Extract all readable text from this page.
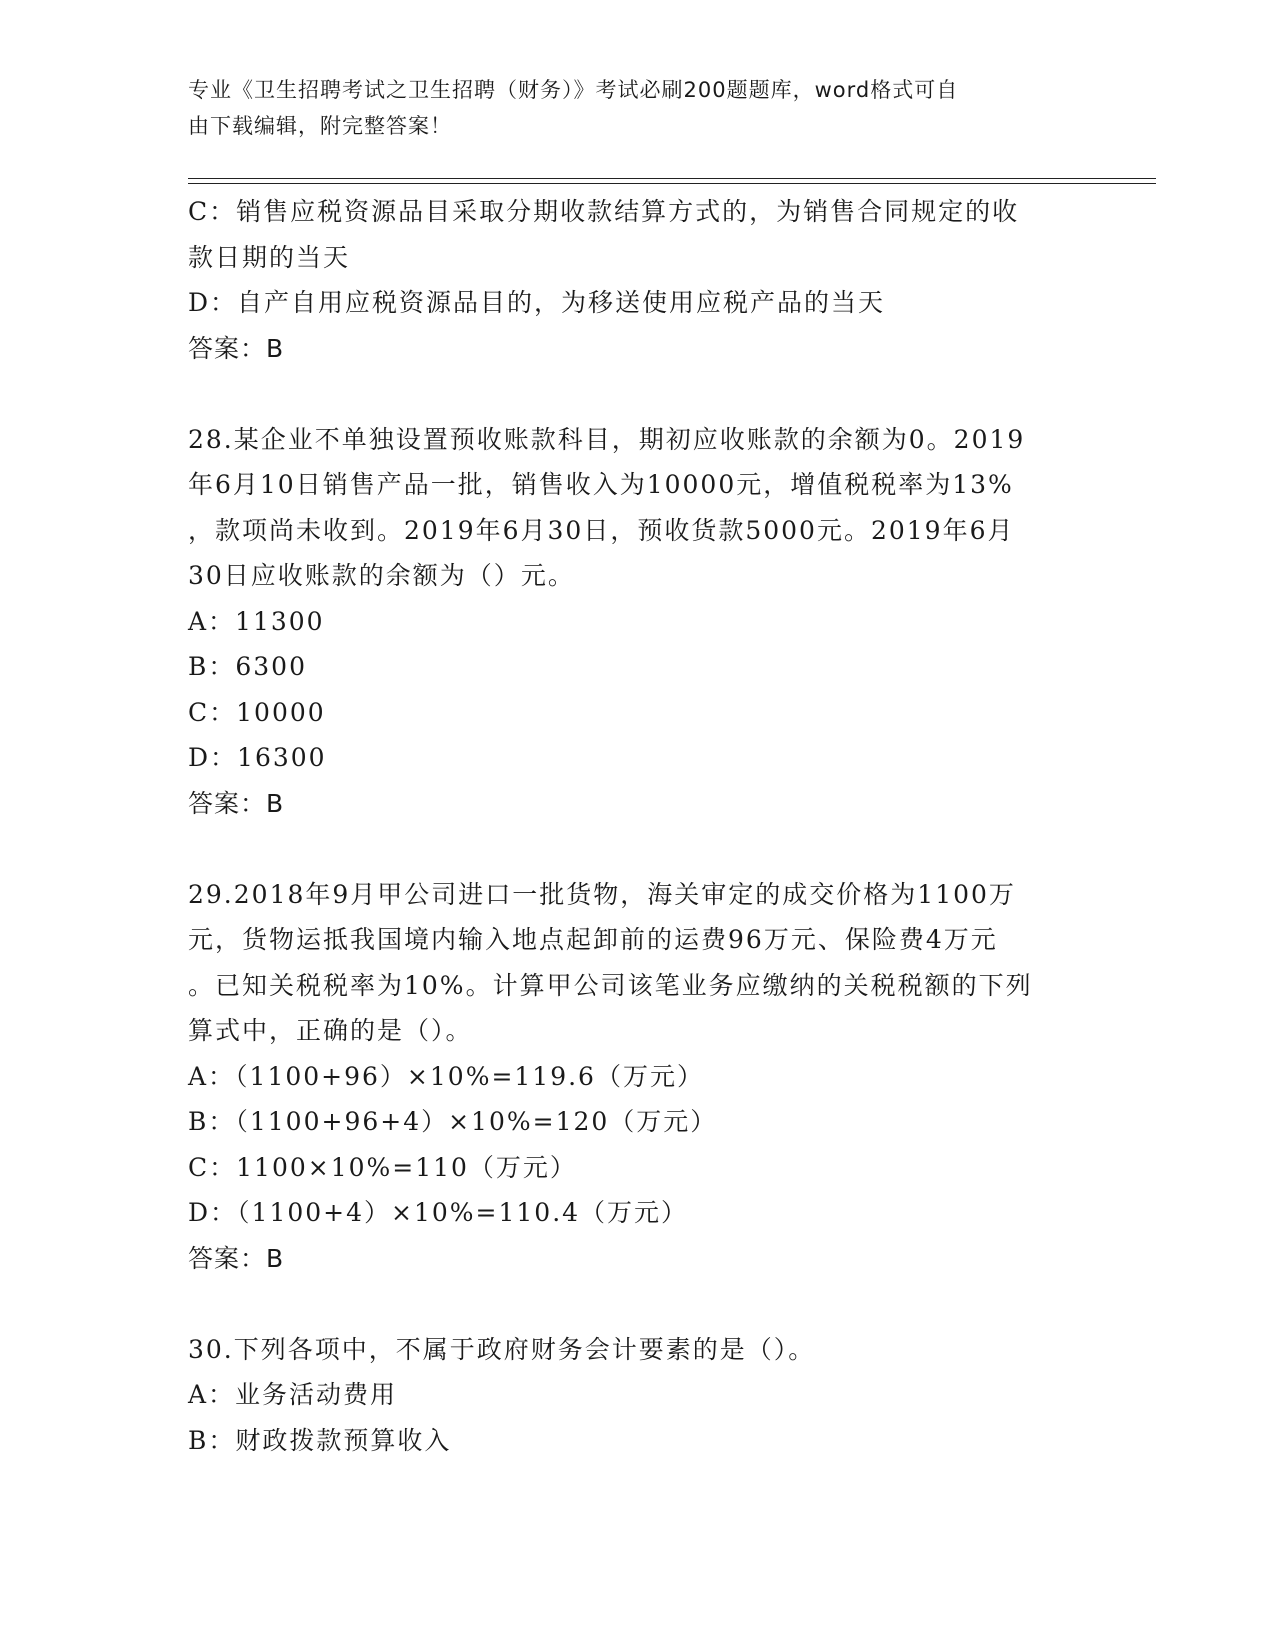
专业《卫生招聘考试之卫生招聘（财务）》考试必刷200题题库，word格式可自
由下载编辑，附完整答案！
C：销售应税资源品目采取分期收款结算方式的，为销售合同规定的收
款日期的当天
D：自产自用应税资源品目的，为移送使用应税产品的当天
答案：B
28.某企业不单独设置预收账款科目，期初应收账款的余额为0。2019
年6月10日销售产品一批，销售收入为10000元，增值税税率为13%
，款项尚未收到。2019年6月30日，预收货款5000元。2019年6月
30日应收账款的余额为（）元。
A：11300
B：6300
C：10000
D：16300
答案：B
29.2018年9月甲公司进口一批货物，海关审定的成交价格为1100万
元，货物运抵我国境内输入地点起卸前的运费96万元、保险费4万元
。已知关税税率为10%。计算甲公司该笔业务应缴纳的关税税额的下列
算式中，正确的是（）。
A：（1100+96）×10%=119.6（万元）
B：（1100+96+4）×10%=120（万元）
C：1100×10%=110（万元）
D：（1100+4）×10%=110.4（万元）
答案：B
30.下列各项中，不属于政府财务会计要素的是（）。
A：业务活动费用
B：财政拨款预算收入
